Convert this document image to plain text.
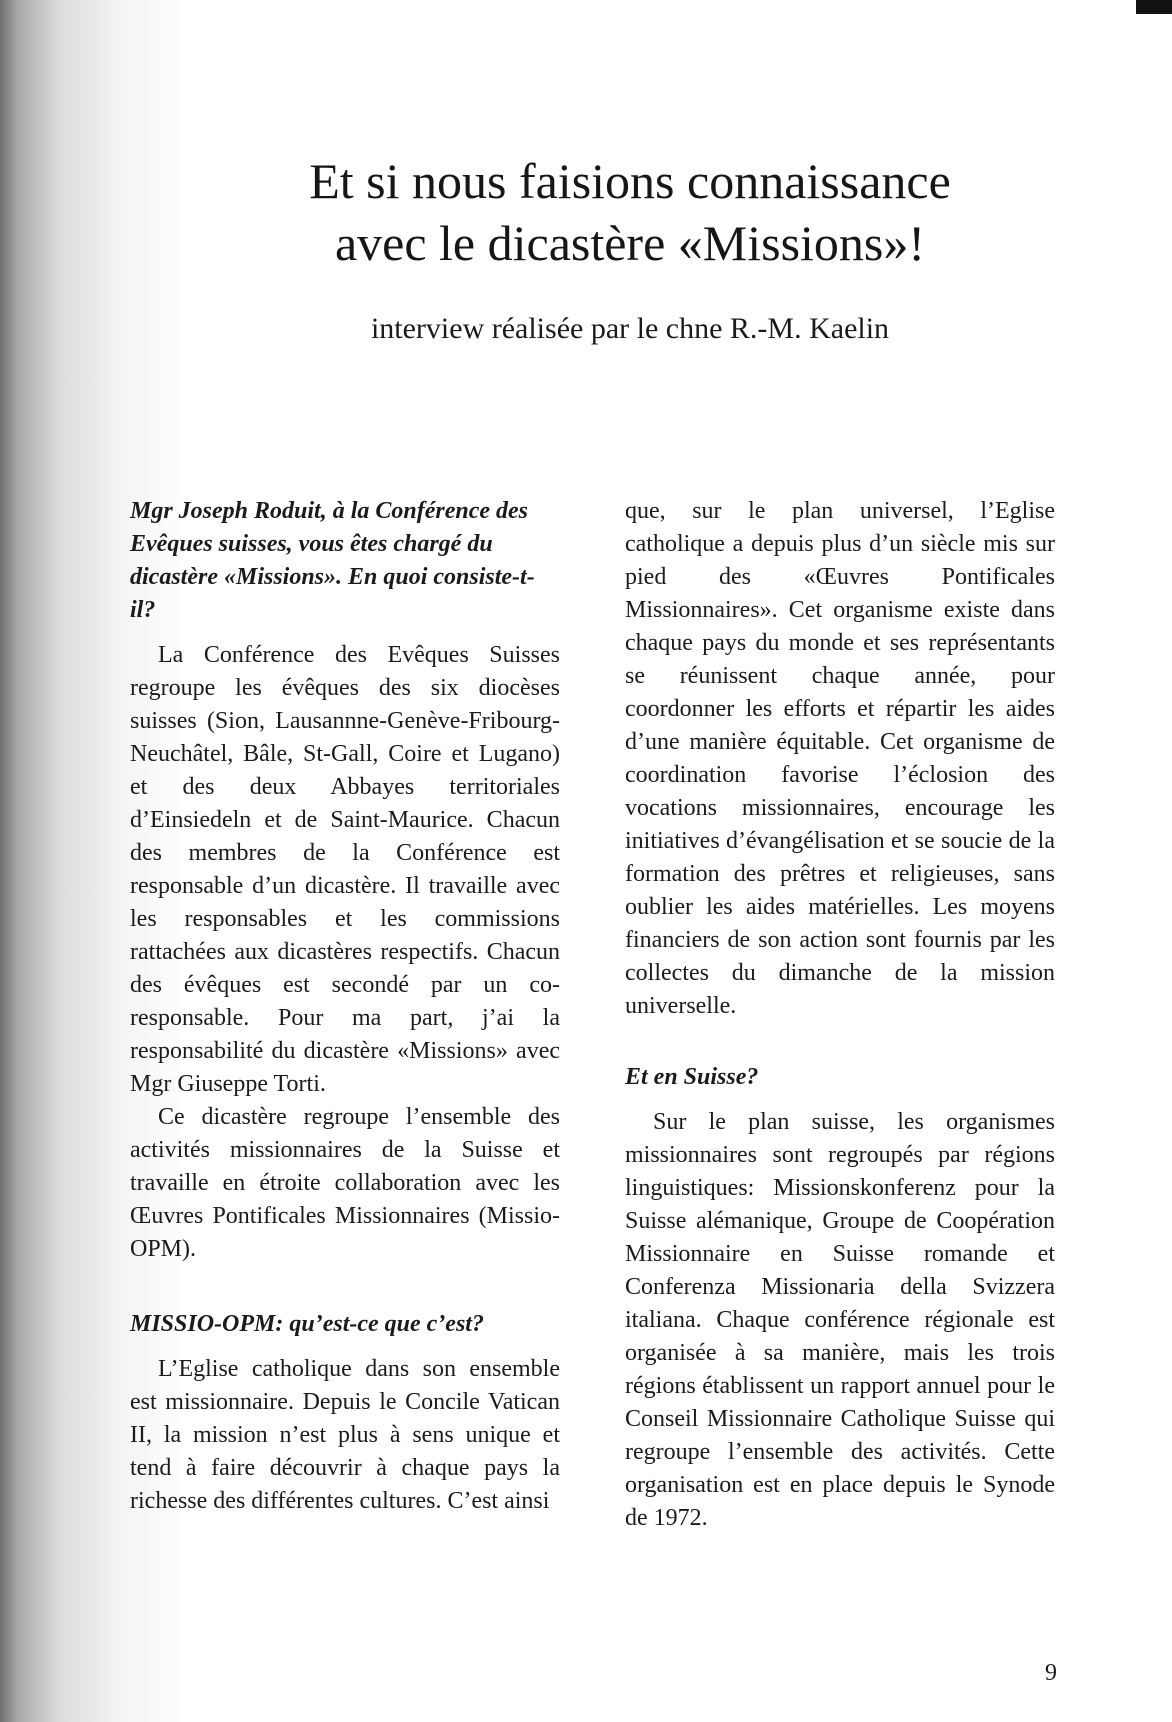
Et si nous faisions connaissance
avec le dicastère «Missions»!
interview réalisée par le chne R.-M. Kaelin

Mgr Joseph Roduit, à la Conférence des Evêques suisses, vous êtes chargé du dicastère «Missions». En quoi consiste-t-il?

La Conférence des Evêques Suisses regroupe les évêques des six diocèses suisses (Sion, Lausannne-Genève-Fribourg-Neuchâtel, Bâle, St-Gall, Coire et Lugano) et des deux Abbayes territoriales d’Einsiedeln et de Saint-Maurice. Chacun des membres de la Conférence est responsable d’un dicastère. Il travaille avec les responsables et les commissions rattachées aux dicastères respectifs. Chacun des évêques est secondé par un co-responsable. Pour ma part, j’ai la responsabilité du dicastère «Missions» avec Mgr Giuseppe Torti.

Ce dicastère regroupe l’ensemble des activités missionnaires de la Suisse et travaille en étroite collaboration avec les Œuvres Pontificales Missionnaires (Missio-OPM).

MISSIO-OPM: qu’est-ce que c’est?

L’Eglise catholique dans son ensemble est missionnaire. Depuis le Concile Vatican II, la mission n’est plus à sens unique et tend à faire découvrir à chaque pays la richesse des différentes cultures. C’est ainsi

que, sur le plan universel, l’Eglise catholique a depuis plus d’un siècle mis sur pied des «Œuvres Pontificales Missionnaires». Cet organisme existe dans chaque pays du monde et ses représentants se réunissent chaque année, pour coordonner les efforts et répartir les aides d’une manière équitable. Cet organisme de coordination favorise l’éclosion des vocations missionnaires, encourage les initiatives d’évangélisation et se soucie de la formation des prêtres et religieuses, sans oublier les aides matérielles. Les moyens financiers de son action sont fournis par les collectes du dimanche de la mission universelle.

Et en Suisse?

Sur le plan suisse, les organismes missionnaires sont regroupés par régions linguistiques: Missionskonferenz pour la Suisse alémanique, Groupe de Coopération Missionnaire en Suisse romande et Conferenza Missionaria della Svizzera italiana. Chaque conférence régionale est organisée à sa manière, mais les trois régions établissent un rapport annuel pour le Conseil Missionnaire Catholique Suisse qui regroupe l’ensemble des activités. Cette organisation est en place depuis le Synode de 1972.

9
